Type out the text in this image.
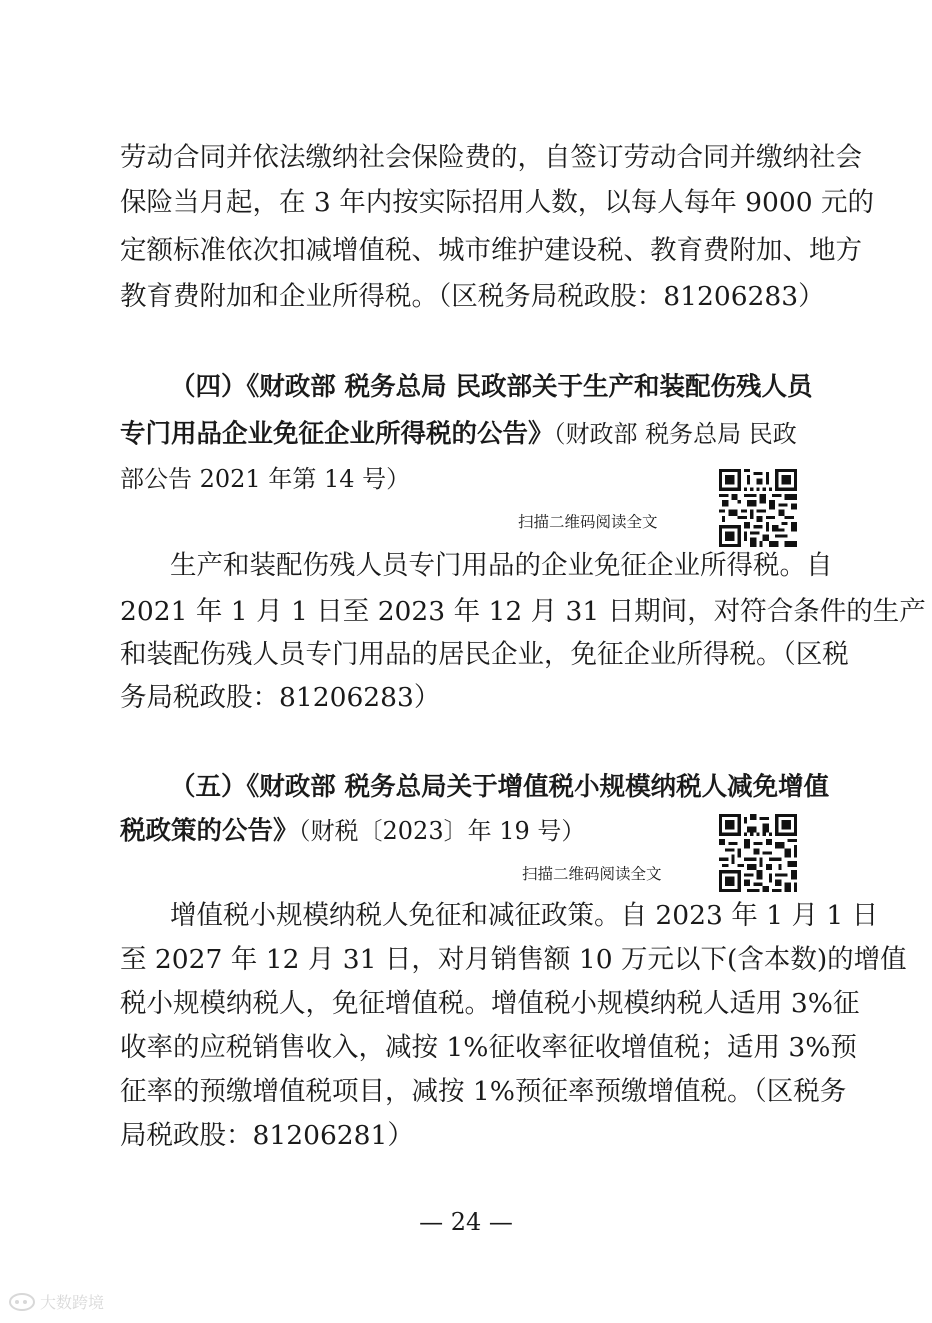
劳动合同并依法缴纳社会保险费的，自签订劳动合同并缴纳社会
保险当月起，在 3 年内按实际招用人数，以每人每年 9000 元的
定额标准依次扣减增值税、城市维护建设税、教育费附加、地方
教育费附加和企业所得税。（区税务局税政股：81206283）
（四）《财政部 税务总局 民政部关于生产和装配伤残人员
专门用品企业免征企业所得税的公告》（财政部 税务总局 民政
部公告 2021 年第 14 号）
扫描二维码阅读全文
生产和装配伤残人员专门用品的企业免征企业所得税。自
2021 年 1 月 1 日至 2023 年 12 月 31 日期间，对符合条件的生产
和装配伤残人员专门用品的居民企业，免征企业所得税。（区税
务局税政股：81206283）
（五）《财政部 税务总局关于增值税小规模纳税人减免增值
税政策的公告》（财税〔2023〕年 19 号）
扫描二维码阅读全文
增值税小规模纳税人免征和减征政策。自 2023 年 1 月 1 日
至 2027 年 12 月 31 日，对月销售额 10 万元以下(含本数)的增值
税小规模纳税人，免征增值税。增值税小规模纳税人适用 3%征
收率的应税销售收入，减按 1%征收率征收增值税；适用 3%预
征率的预缴增值税项目，减按 1%预征率预缴增值税。（区税务
局税政股：81206281）
— 24 —
大数跨境
